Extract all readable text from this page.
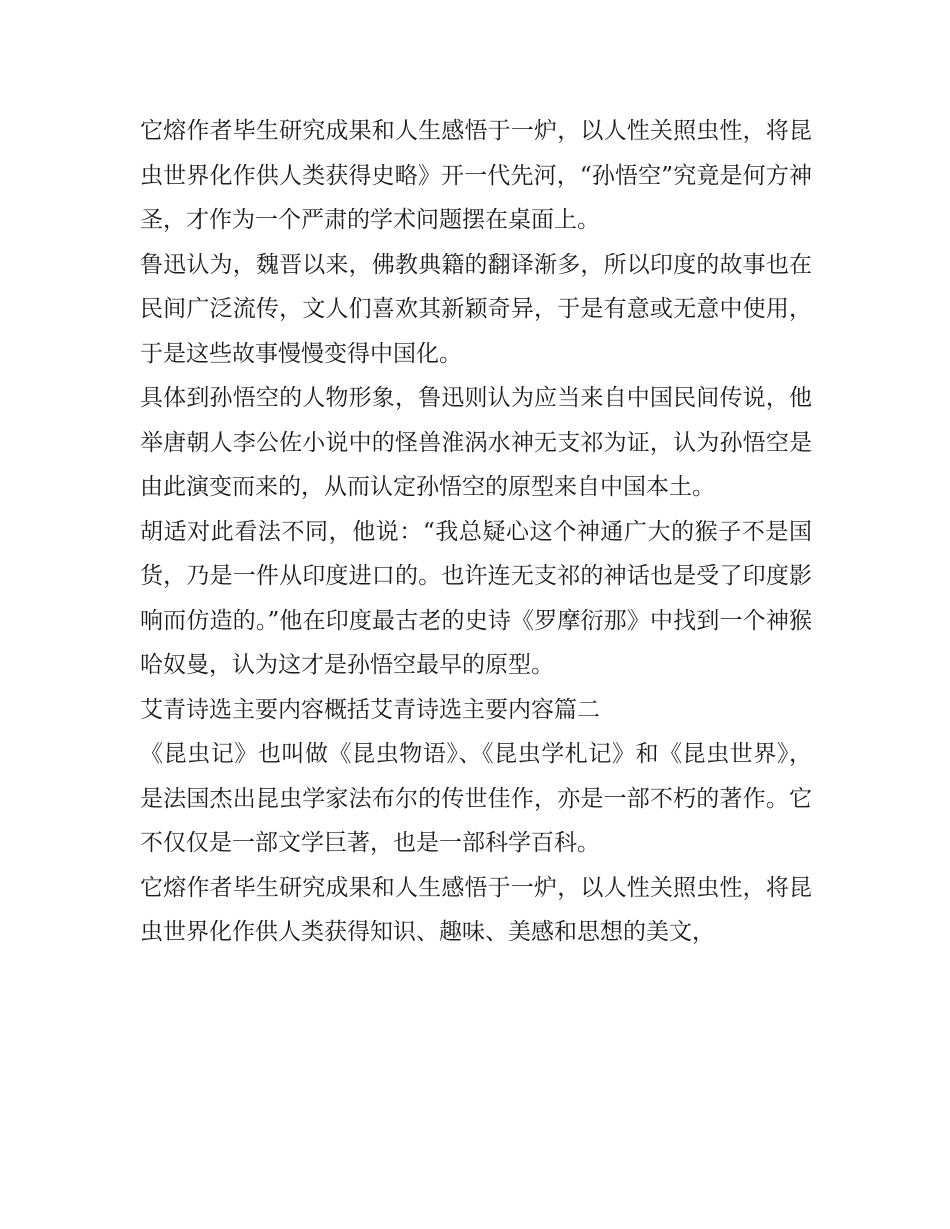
它熔作者毕生研究成果和人生感悟于一炉，以人性关照虫性，将昆虫世界化作供人类获得史略》开一代先河，“孙悟空”究竟是何方神圣，才作为一个严肃的学术问题摆在桌面上。

鲁迅认为，魏晋以来，佛教典籍的翻译渐多，所以印度的故事也在民间广泛流传，文人们喜欢其新颖奇异，于是有意或无意中使用，于是这些故事慢慢变得中国化。

具体到孙悟空的人物形象，鲁迅则认为应当来自中国民间传说，他举唐朝人李公佐小说中的怪兽淮涡水神无支祁为证，认为孙悟空是由此演变而来的，从而认定孙悟空的原型来自中国本土。

胡适对此看法不同，他说：“我总疑心这个神通广大的猴子不是国货，乃是一件从印度进口的。也许连无支祁的神话也是受了印度影响而仿造的。”他在印度最古老的史诗《罗摩衍那》中找到一个神猴哈奴曼，认为这才是孙悟空最早的原型。

艾青诗选主要内容概括艾青诗选主要内容篇二

《昆虫记》也叫做《昆虫物语》、《昆虫学札记》和《昆虫世界》，是法国杰出昆虫学家法布尔的传世佳作，亦是一部不朽的著作。它不仅仅是一部文学巨著，也是一部科学百科。

它熔作者毕生研究成果和人生感悟于一炉，以人性关照虫性，将昆虫世界化作供人类获得知识、趣味、美感和思想的美文，
